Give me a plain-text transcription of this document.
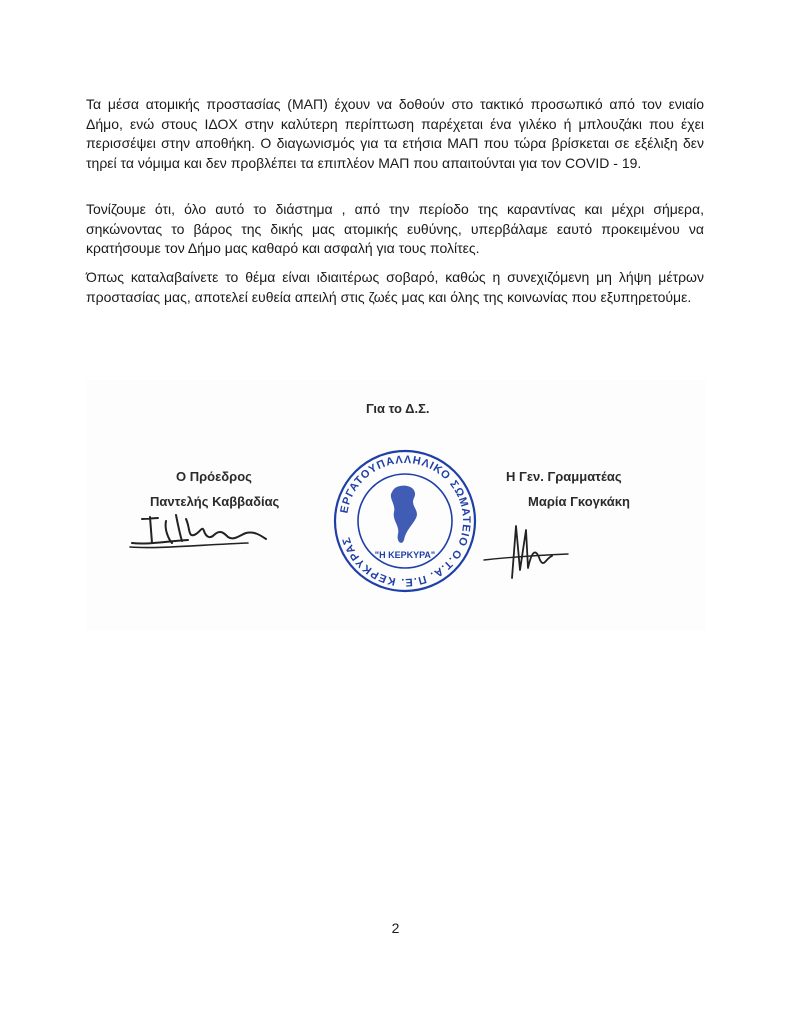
Τα μέσα ατομικής προστασίας (ΜΑΠ) έχουν να δοθούν στο τακτικό προσωπικό από τον ενιαίο Δήμο, ενώ στους ΙΔΟΧ στην καλύτερη περίπτωση παρέχεται ένα γιλέκο ή μπλουζάκι που έχει περισσέψει στην αποθήκη. Ο διαγωνισμός για τα ετήσια ΜΑΠ που τώρα βρίσκεται σε εξέλιξη δεν τηρεί τα νόμιμα και δεν προβλέπει τα επιπλέον ΜΑΠ που απαιτούνται για τον COVID - 19.

Τονίζουμε ότι, όλο αυτό το διάστημα , από την περίοδο της καραντίνας και μέχρι σήμερα, σηκώνοντας το βάρος της δικής μας ατομικής ευθύνης, υπερβάλαμε εαυτό προκειμένου να κρατήσουμε τον Δήμο μας καθαρό και ασφαλή για τους πολίτες.

Όπως καταλαβαίνετε το θέμα είναι ιδιαιτέρως σοβαρό, καθώς η συνεχιζόμενη μη λήψη μέτρων προστασίας μας, αποτελεί ευθεία απειλή στις ζωές μας και όλης της κοινωνίας που εξυπηρετούμε.

Για το Δ.Σ.
Ο Πρόεδρος
Παντελής Καββαδίας
Η Γεν. Γραμματέας
Μαρία Γκογκάκη
ΕΡΓΑΤΟΥΠΑΛΛΗΛΙΚΟ ΣΩΜΑΤΕΙΟ Ο.Τ.Α. Π.Ε. ΚΕΡΚΥΡΑΣ
"Η ΚΕΡΚΥΡΑ"
2
